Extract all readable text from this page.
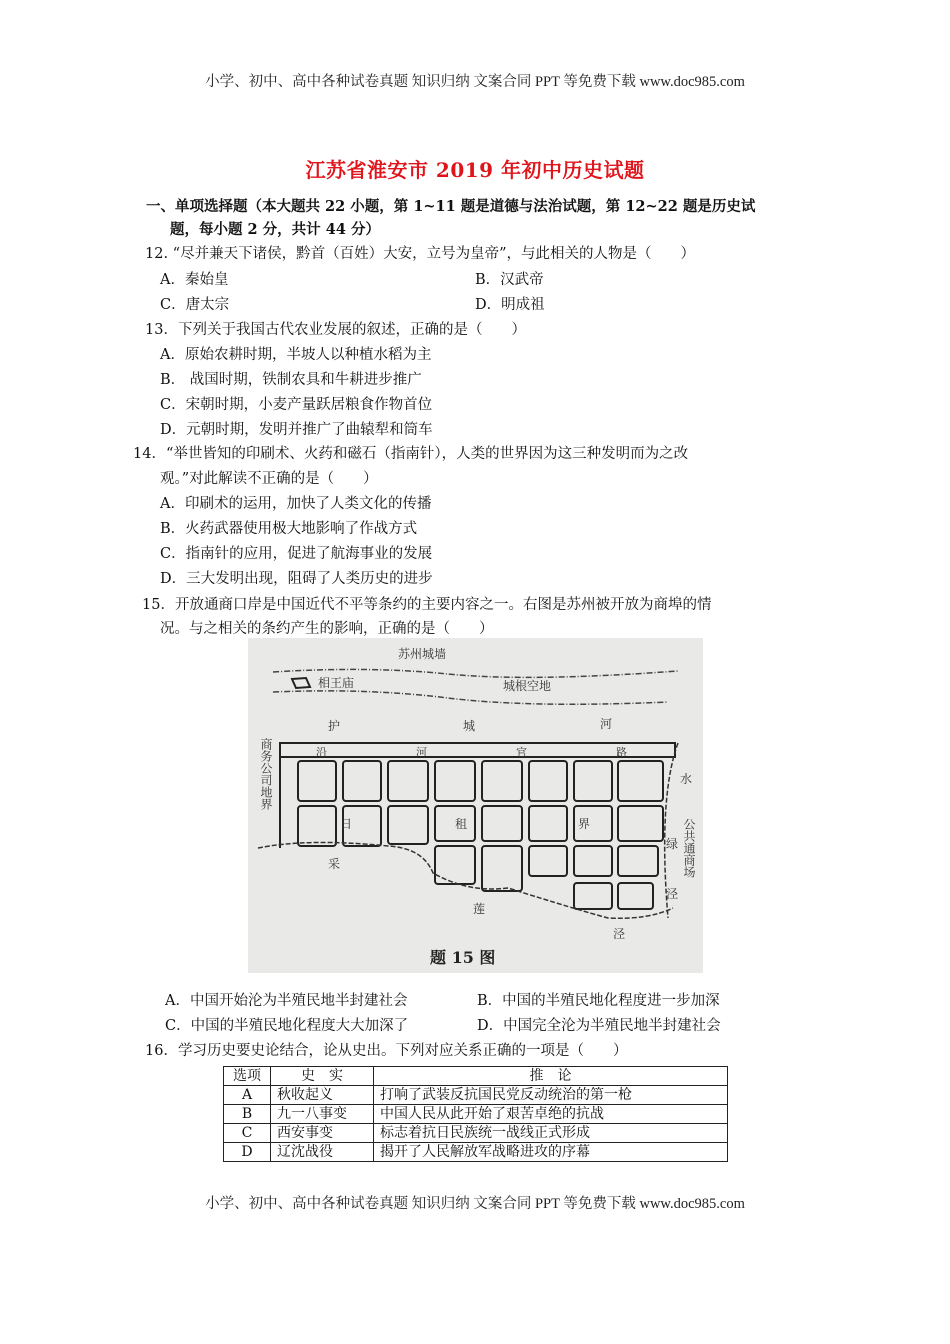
小学、初中、高中各种试卷真题 知识归纳 文案合同 PPT 等免费下载 www.doc985.com
江苏省淮安市 2019 年初中历史试题
一、单项选择题（本大题共 22 小题，第 1~11 题是道德与法治试题，第 12~22 题是历史试
题，每小题 2 分，共计 44 分）
12. “尽并兼天下诸侯，黔首（百姓）大安，立号为皇帝”，与此相关的人物是（　　）
A．秦始皇	B．汉武帝
C．唐太宗	D．明成祖
13．下列关于我国古代农业发展的叙述，正确的是（　　）
A．原始农耕时期，半坡人以种植水稻为主
B． 战国时期，铁制农具和牛耕进步推广
C．宋朝时期，小麦产量跃居粮食作物首位
D．元朝时期，发明并推广了曲辕犁和筒车
14．“举世皆知的印刷术、火药和磁石（指南针），人类的世界因为这三种发明而为之改
观。”对此解读不正确的是（　　）
A．印刷术的运用，加快了人类文化的传播
B．火药武器使用极大地影响了作战方式
C．指南针的应用，促进了航海事业的发展
D．三大发明出现，阻碍了人类历史的进步
15．开放通商口岸是中国近代不平等条约的主要内容之一。右图是苏州被开放为商埠的情
况。与之相关的条约产生的影响，正确的是（　　）
苏州城墙
相王庙	城根空地
护	城	河
沿	河	官	路
日	租	界
采
莲
泾
水
绿
泾
商务公司地界
公共通商场
题 15 图
A．中国开始沦为半殖民地半封建社会	B．中国的半殖民地化程度进一步加深
C．中国的半殖民地化程度大大加深了	D．中国完全沦为半殖民地半封建社会
16．学习历史要史论结合，论从史出。下列对应关系正确的一项是（　　）
选项	史　实	推　论
A	秋收起义	打响了武装反抗国民党反动统治的第一枪
B	九一八事变	中国人民从此开始了艰苦卓绝的抗战
C	西安事变	标志着抗日民族统一战线正式形成
D	辽沈战役	揭开了人民解放军战略进攻的序幕
小学、初中、高中各种试卷真题 知识归纳 文案合同 PPT 等免费下载 www.doc985.com
